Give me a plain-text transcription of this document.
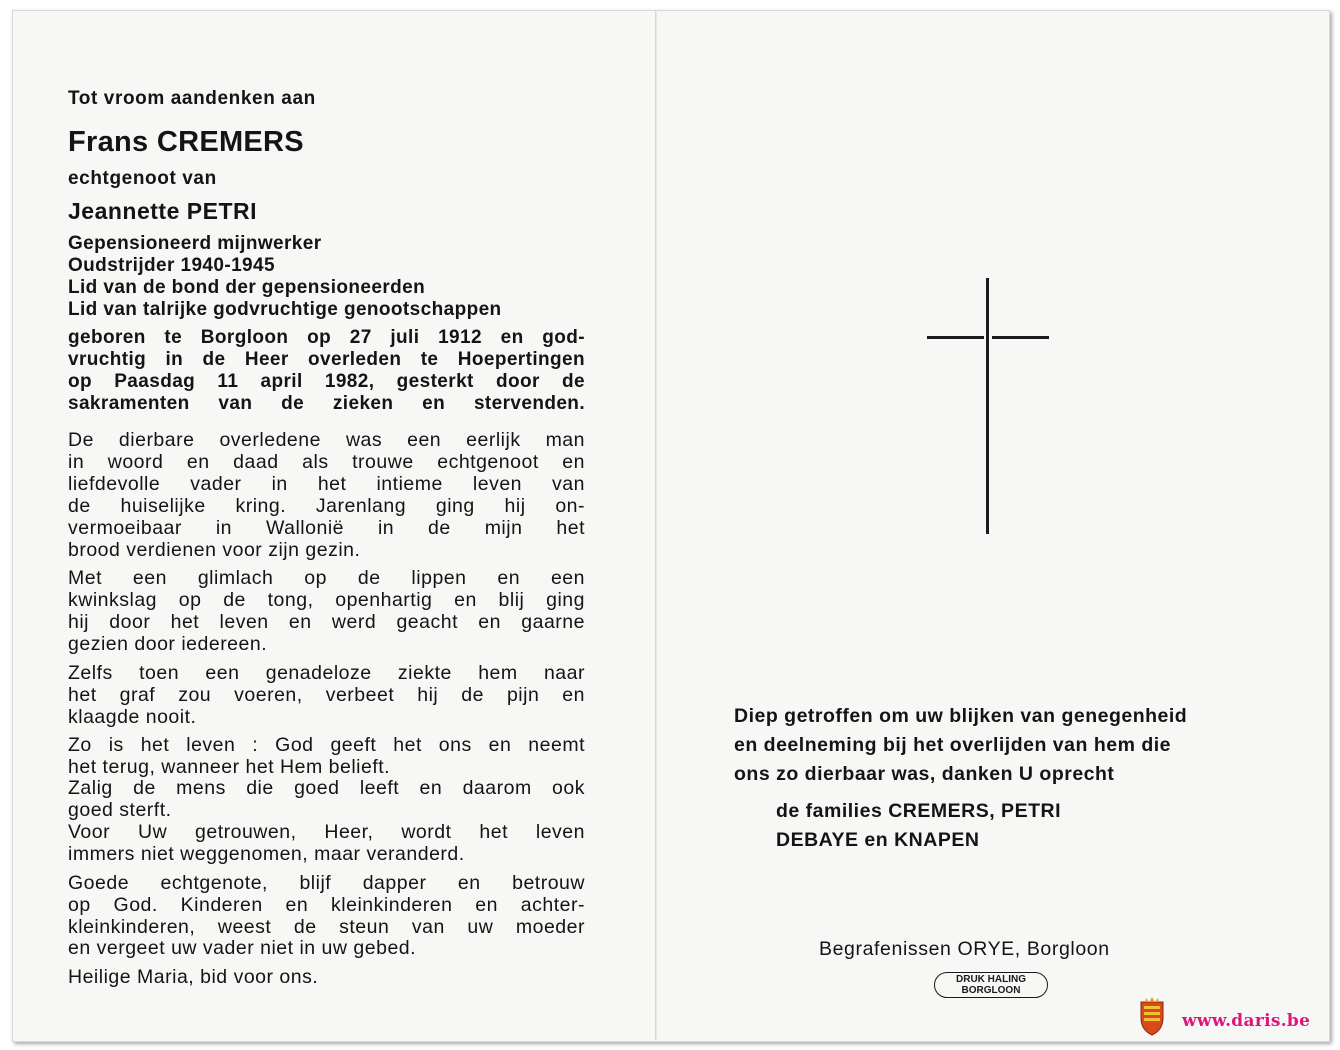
Tot vroom aandenken aan
Frans CREMERS
echtgenoot van
Jeannette PETRI
Gepensioneerd mijnwerker
Oudstrijder 1940-1945
Lid van de bond der gepensioneerden
Lid van talrijke godvruchtige genootschappen
geboren te Borgloon op 27 juli 1912 en god-
vruchtig in de Heer overleden te Hoepertingen
op Paasdag 11 april 1982, gesterkt door de
sakramenten van de zieken en stervenden.
De dierbare overledene was een eerlijk man
in woord en daad als trouwe echtgenoot en
liefdevolle vader in het intieme leven van
de huiselijke kring. Jarenlang ging hij on-
vermoeibaar in Wallonië in de mijn het
brood verdienen voor zijn gezin.
Met een glimlach op de lippen en een
kwinkslag op de tong, openhartig en blij ging
hij door het leven en werd geacht en gaarne
gezien door iedereen.
Zelfs toen een genadeloze ziekte hem naar
het graf zou voeren, verbeet hij de pijn en
klaagde nooit.
Zo is het leven : God geeft het ons en neemt
het terug, wanneer het Hem belieft.
Zalig de mens die goed leeft en daarom ook
goed sterft.
Voor Uw getrouwen, Heer, wordt het leven
immers niet weggenomen, maar veranderd.
Goede echtgenote, blijf dapper en betrouw
op God. Kinderen en kleinkinderen en achter-
kleinkinderen, weest de steun van uw moeder
en vergeet uw vader niet in uw gebed.
Heilige Maria, bid voor ons.
Diep getroffen om uw blijken van genegenheid
en deelneming bij het overlijden van hem die
ons zo dierbaar was, danken U oprecht
de families CREMERS, PETRI
DEBAYE en KNAPEN
Begrafenissen ORYE, Borgloon
DRUK HALING
BORGLOON
www.daris.be
